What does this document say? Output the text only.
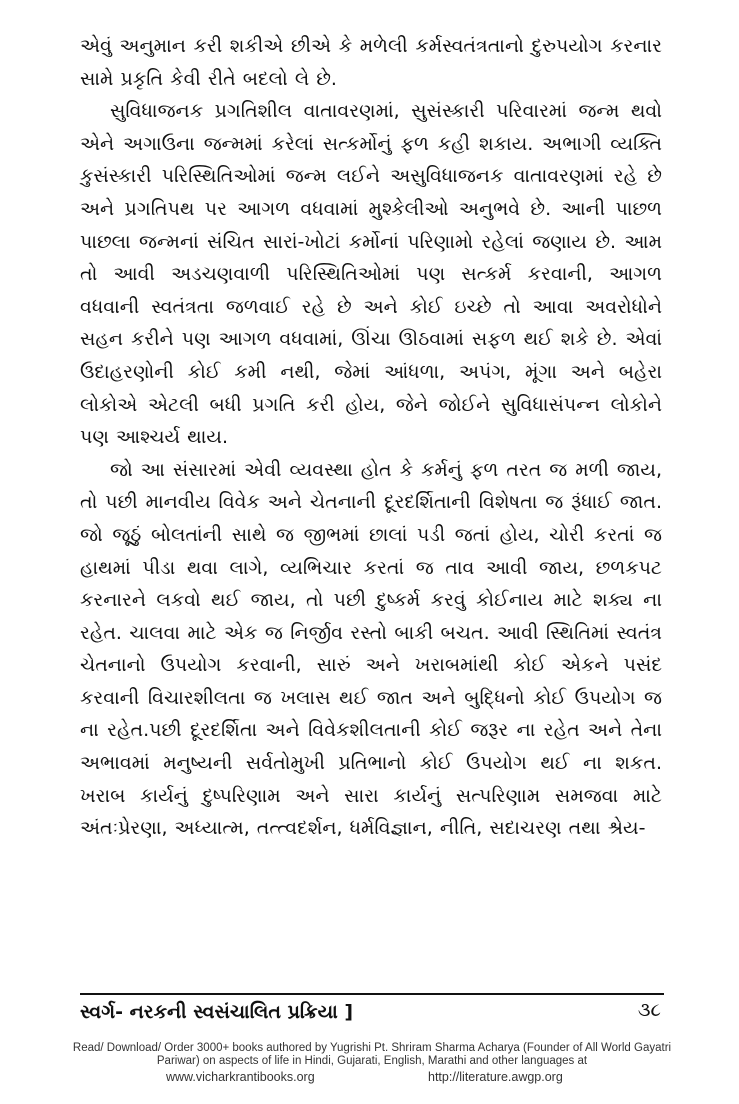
એવું અનુમાન કરી શકીએ છીએ કે મળેલી કર્મસ્વતંત્રતાનો દુરુપયોગ કરનાર સામે પ્રકૃતિ કેવી રીતે બદલો લે છે.

સુવિધાજનક પ્રગતિશીલ વાતાવરણમાં, સુસંસ્કારી પરિવારમાં જન્મ થવો એને અગાઉના જન્મમાં કરેલાં સત્કર્મોનું ફળ કહી શકાય. અભાગી વ્યક્તિ કુસંસ્કારી પરિસ્થિતિઓમાં જન્મ લઈને અસુવિધાજનક વાતાવરણમાં રહે છે અને પ્રગતિપથ પર આગળ વધવામાં મુશ્કેલીઓ અનુભવે છે. આની પાછળ પાછલા જન્મનાં સંચિત સારાં-ખોટાં કર્મોનાં પરિણામો રહેલાં જણાય છે. આમ તો આવી અડચણવાળી પરિસ્થિતિઓમાં પણ સત્કર્મ કરવાની, આગળ વધવાની સ્વતંત્રતા જળવાઈ રહે છે અને કોઈ ઇચ્છે તો આવા અવરોધોને સહન કરીને પણ આગળ વધવામાં, ઊંચા ઊઠવામાં સફળ થઈ શકે છે. એવાં ઉદાહરણોની કોઈ કમી નથી, જેમાં આંધળા, અપંગ, મૂંગા અને બહેરા લોકોએ એટલી બધી પ્રગતિ કરી હોય, જેને જોઈને સુવિધાસંપન્ન લોકોને પણ આશ્ચર્ય થાય.

જો આ સંસારમાં એવી વ્યવસ્થા હોત કે કર્મનું ફળ તરત જ મળી જાય, તો પછી માનવીય વિવેક અને ચેતનાની દૂરદર્શિતાની વિશેષતા જ રૂંધાઈ જાત. જો જૂઠું બોલતાંની સાથે જ જીભમાં છાલાં પડી જતાં હોય, ચોરી કરતાં જ હાથમાં પીડા થવા લાગે, વ્યભિચાર કરતાં જ તાવ આવી જાય, છળકપટ કરનારને લકવો થઈ જાય, તો પછી દુષ્કર્મ કરવું કોઈનાય માટે શક્ય ના રહેત. ચાલવા માટે એક જ નિર્જીવ રસ્તો બાકી બચત. આવી સ્થિતિમાં સ્વતંત્ર ચેતનાનો ઉપયોગ કરવાની, સારું અને ખરાબમાંથી કોઈ એકને પસંદ કરવાની વિચારશીલતા જ ખલાસ થઈ જાત અને બુદ્ધિનો કોઈ ઉપયોગ જ ના રહેત.પછી દૂરદર્શિતા અને વિવેકશીલતાની કોઈ જરૂર ના રહેત અને તેના અભાવમાં મનુષ્યની સર્વતોમુખી પ્રતિભાનો કોઈ ઉપયોગ થઈ ના શકત. ખરાબ કાર્યનું દુષ્પરિણામ અને સારા કાર્યનું સત્પરિણામ સમજવા માટે અંતઃપ્રેરણા, અધ્યાત્મ, તત્ત્વદર્શન, ધર્મવિજ્ઞાન, નીતિ, સદાચરણ તથા શ્રેય-

સ્વર્ગ- નરકની સ્વસંચાલિત પ્રક્રિયા ]	૩૮
Read/ Download/ Order 3000+ books authored by Yugrishi Pt. Shriram Sharma Acharya (Founder of All World Gayatri Pariwar) on aspects of life in Hindi, Gujarati, English, Marathi and other languages at
www.vicharkrantibooks.org	http://literature.awgp.org
